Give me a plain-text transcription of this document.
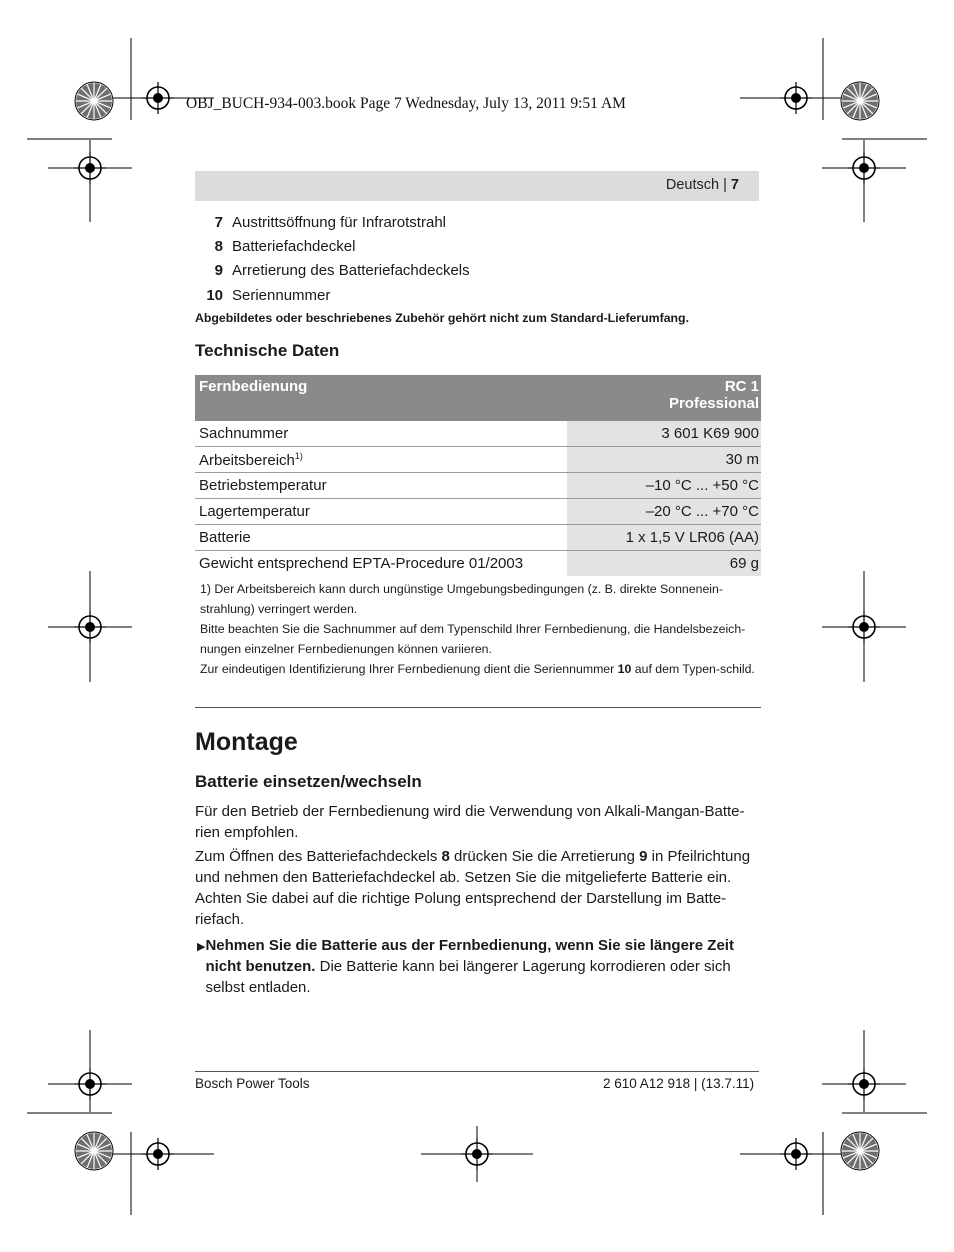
OBJ_BUCH-934-003.book Page 7 Wednesday, July 13, 2011 9:51 AM
Deutsch | 7
7 Austrittsöffnung für Infrarotstrahl
8 Batteriefachdeckel
9 Arretierung des Batteriefachdeckels
10 Seriennummer
Abgebildetes oder beschriebenes Zubehör gehört nicht zum Standard-Lieferumfang.
Technische Daten
Fernbedienung	RC 1
Professional
Sachnummer	3 601 K69 900
Arbeitsbereich$^{1)}$	30 m
Betriebstemperatur	–10 °C ... +50 °C
Lagertemperatur	–20 °C ... +70 °C
Batterie	1 x 1,5 V LR06 (AA)
Gewicht entsprechend EPTA-Procedure 01/2003	69 g

1) Der Arbeitsbereich kann durch ungünstige Umgebungsbedingungen (z. B. direkte Sonnenein-strahlung) verringert werden.

Bitte beachten Sie die Sachnummer auf dem Typenschild Ihrer Fernbedienung, die Handelsbezeich-nungen einzelner Fernbedienungen können variieren.

Zur eindeutigen Identifizierung Ihrer Fernbedienung dient die Seriennummer 10 auf dem Typen-schild.

Montage
Batterie einsetzen/wechseln

Für den Betrieb der Fernbedienung wird die Verwendung von Alkali-Mangan-Batte-rien empfohlen.

Zum Öffnen des Batteriefachdeckels 8 drücken Sie die Arretierung 9 in Pfeilrichtung und nehmen den Batteriefachdeckel ab. Setzen Sie die mitgelieferte Batterie ein. Achten Sie dabei auf die richtige Polung entsprechend der Darstellung im Batte-riefach.

▶ Nehmen Sie die Batterie aus der Fernbedienung, wenn Sie sie längere Zeit nicht benutzen. Die Batterie kann bei längerer Lagerung korrodieren oder sich selbst entladen.
Bosch Power Tools	2 610 A12 918 | (13.7.11)
